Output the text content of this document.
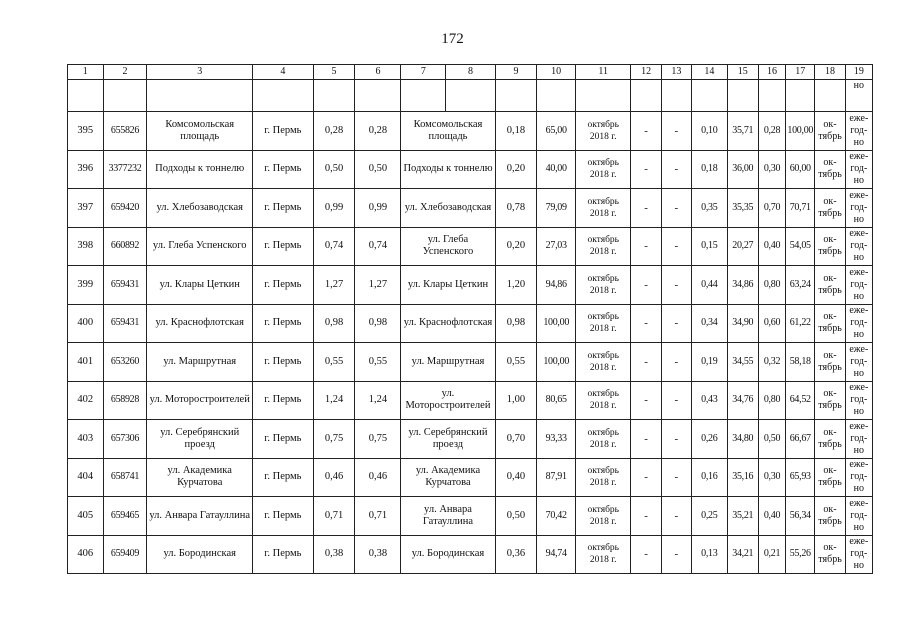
172
1	2	3	4	5	6	7	8	9	10	11	12	13	14	15	16	17	18	19
																		но
395	655826	Комсомольская площадь	г. Пермь	0,28	0,28	Комсомольская площадь		0,18	65,00	октябрь 2018 г.	-	-	0,10	35,71	0,28	100,00	ок-тябрь	еже-год-но
396	3377232	Подходы к тоннелю	г. Пермь	0,50	0,50	Подходы к тоннелю		0,20	40,00	октябрь 2018 г.	-	-	0,18	36,00	0,30	60,00	ок-тябрь	еже-год-но
397	659420	ул. Хлебозаводская	г. Пермь	0,99	0,99	ул. Хлебозаводская		0,78	79,09	октябрь 2018 г.	-	-	0,35	35,35	0,70	70,71	ок-тябрь	еже-год-но
398	660892	ул. Глеба Успенского	г. Пермь	0,74	0,74	ул. Глеба Успенского		0,20	27,03	октябрь 2018 г.	-	-	0,15	20,27	0,40	54,05	ок-тябрь	еже-год-но
399	659431	ул. Клары Цеткин	г. Пермь	1,27	1,27	ул. Клары Цеткин		1,20	94,86	октябрь 2018 г.	-	-	0,44	34,86	0,80	63,24	ок-тябрь	еже-год-но
400	659431	ул. Краснофлотская	г. Пермь	0,98	0,98	ул. Краснофлотская		0,98	100,00	октябрь 2018 г.	-	-	0,34	34,90	0,60	61,22	ок-тябрь	еже-год-но
401	653260	ул. Маршрутная	г. Пермь	0,55	0,55	ул. Маршрутная		0,55	100,00	октябрь 2018 г.	-	-	0,19	34,55	0,32	58,18	ок-тябрь	еже-год-но
402	658928	ул. Моторостроителей	г. Пермь	1,24	1,24	ул. Моторостроителей		1,00	80,65	октябрь 2018 г.	-	-	0,43	34,76	0,80	64,52	ок-тябрь	еже-год-но
403	657306	ул. Серебрянский проезд	г. Пермь	0,75	0,75	ул. Серебрянский проезд		0,70	93,33	октябрь 2018 г.	-	-	0,26	34,80	0,50	66,67	ок-тябрь	еже-год-но
404	658741	ул. Академика Курчатова	г. Пермь	0,46	0,46	ул. Академика Курчатова		0,40	87,91	октябрь 2018 г.	-	-	0,16	35,16	0,30	65,93	ок-тябрь	еже-год-но
405	659465	ул. Анвара Гатауллина	г. Пермь	0,71	0,71	ул. Анвара Гатауллина		0,50	70,42	октябрь 2018 г.	-	-	0,25	35,21	0,40	56,34	ок-тябрь	еже-год-но
406	659409	ул. Бородинская	г. Пермь	0,38	0,38	ул. Бородинская		0,36	94,74	октябрь 2018 г.	-	-	0,13	34,21	0,21	55,26	ок-тябрь	еже-год-но
